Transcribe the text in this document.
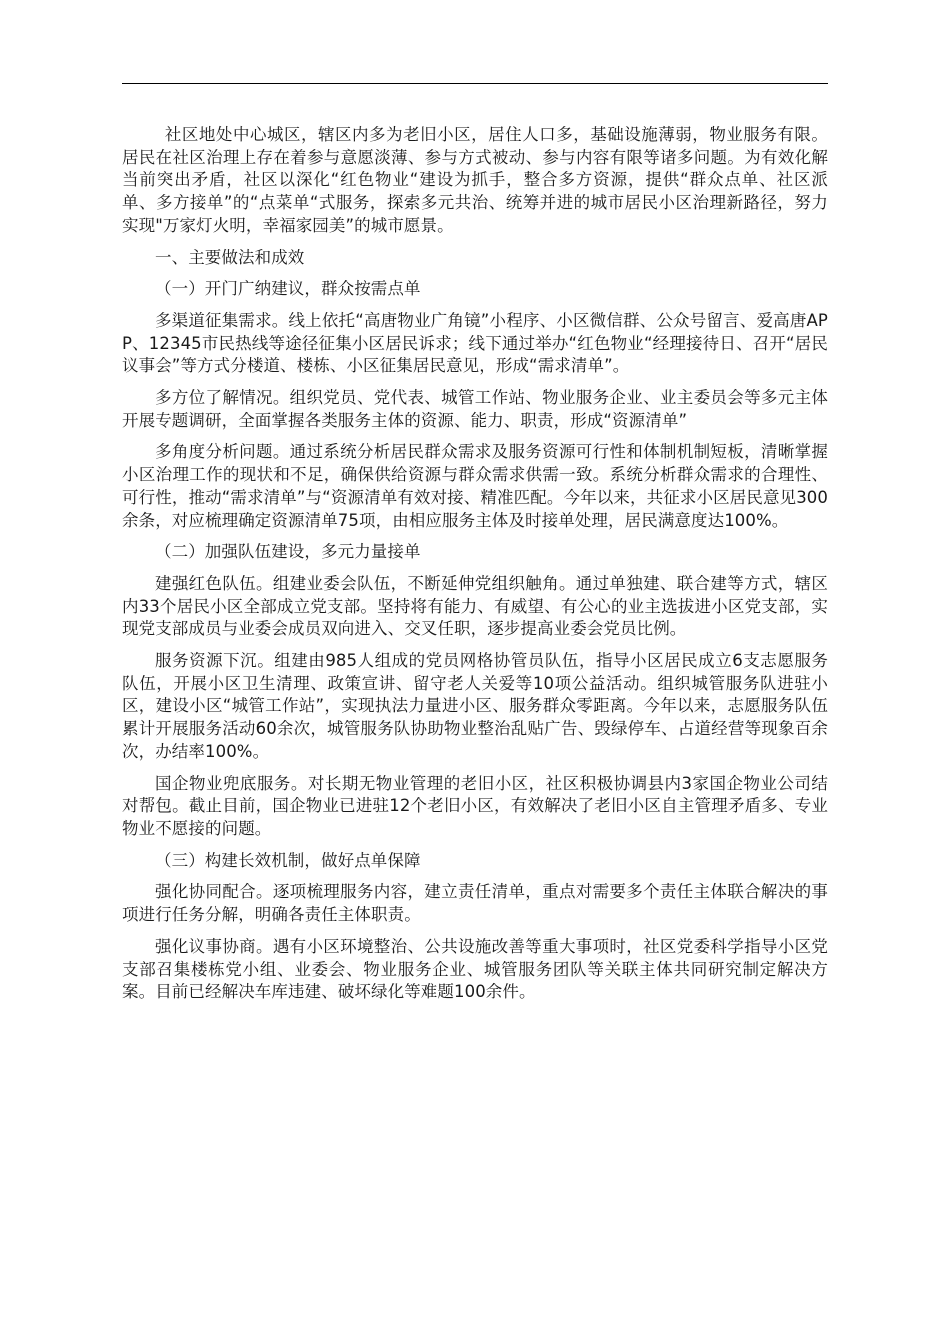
社区地处中心城区，辖区内多为老旧小区，居住人口多，基础设施薄弱，物业服务有限。居民在社区治理上存在着参与意愿淡薄、参与方式被动、参与内容有限等诸多问题。为有效化解当前突出矛盾，社区以深化“红色物业“建设为抓手，整合多方资源，提供“群众点单、社区派单、多方接单”的“点菜单“式服务，探索多元共治、统筹并进的城市居民小区治理新路径，努力实现"万家灯火明，幸福家园美”的城市愿景。

一、主要做法和成效

（一）开门广纳建议，群众按需点单

多渠道征集需求。线上依托“高唐物业广角镜”小程序、小区微信群、公众号留言、爱高唐APP、12345市民热线等途径征集小区居民诉求；线下通过举办“红色物业“经理接待日、召开“居民议事会”等方式分楼道、楼栋、小区征集居民意见，形成“需求清单”。

多方位了解情况。组织党员、党代表、城管工作站、物业服务企业、业主委员会等多元主体开展专题调研，全面掌握各类服务主体的资源、能力、职责，形成“资源清单”

多角度分析问题。通过系统分析居民群众需求及服务资源可行性和体制机制短板，清晰掌握小区治理工作的现状和不足，确保供给资源与群众需求供需一致。系统分析群众需求的合理性、可行性，推动“需求清单”与“资源清单有效对接、精准匹配。今年以来，共征求小区居民意见300余条，对应梳理确定资源清单75项，由相应服务主体及时接单处理，居民满意度达100%。

（二）加强队伍建设，多元力量接单

建强红色队伍。组建业委会队伍，不断延伸党组织触角。通过单独建、联合建等方式，辖区内33个居民小区全部成立党支部。坚持将有能力、有威望、有公心的业主选拔进小区党支部，实现党支部成员与业委会成员双向进入、交叉任职，逐步提高业委会党员比例。

服务资源下沉。组建由985人组成的党员网格协管员队伍，指导小区居民成立6支志愿服务队伍，开展小区卫生清理、政策宣讲、留守老人关爱等10项公益活动。组织城管服务队进驻小区，建设小区“城管工作站”，实现执法力量进小区、服务群众零距离。今年以来，志愿服务队伍累计开展服务活动60余次，城管服务队协助物业整治乱贴广告、毁绿停车、占道经营等现象百余次，办结率100%。

国企物业兜底服务。对长期无物业管理的老旧小区，社区积极协调县内3家国企物业公司结对帮包。截止目前，国企物业已进驻12个老旧小区，有效解决了老旧小区自主管理矛盾多、专业物业不愿接的问题。

（三）构建长效机制，做好点单保障

强化协同配合。逐项梳理服务内容，建立责任清单，重点对需要多个责任主体联合解决的事项进行任务分解，明确各责任主体职责。

强化议事协商。遇有小区环境整治、公共设施改善等重大事项时，社区党委科学指导小区党支部召集楼栋党小组、业委会、物业服务企业、城管服务团队等关联主体共同研究制定解决方案。目前已经解决车库违建、破坏绿化等难题100余件。
